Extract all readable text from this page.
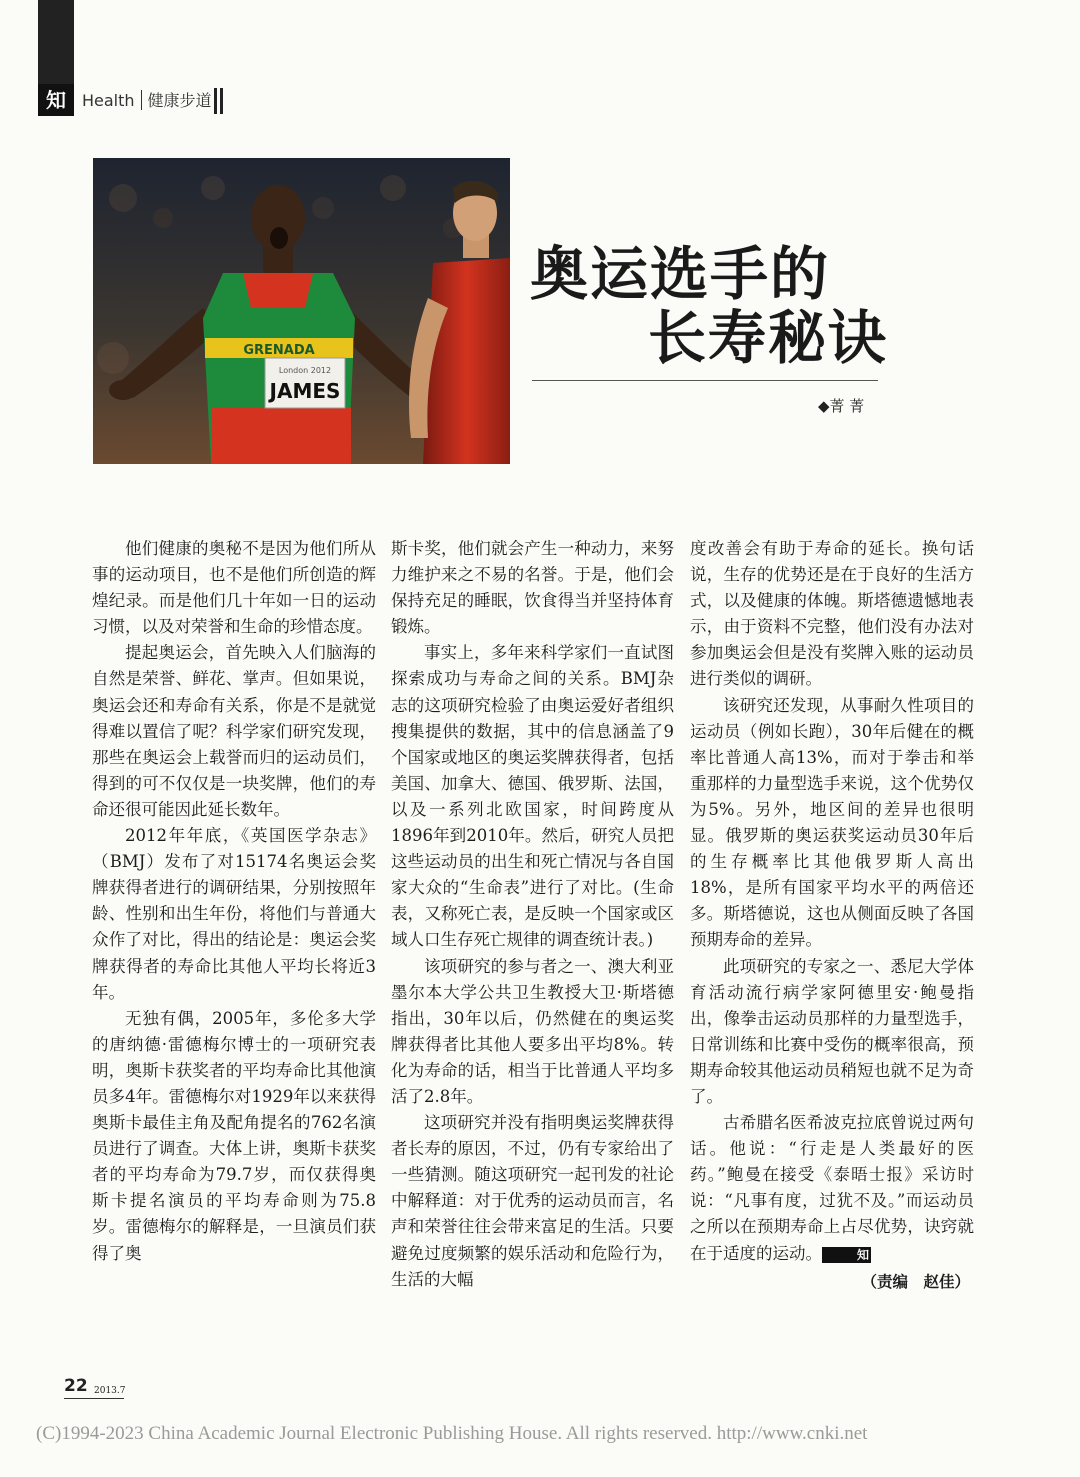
知	Health 健康步道
London 2012
JAMES
GRENADA
奥运选手的
长寿秘诀
◆菁 菁

他们健康的奥秘不是因为他们所从事的运动项目，也不是他们所创造的辉煌纪录。而是他们几十年如一日的运动习惯，以及对荣誉和生命的珍惜态度。

提起奥运会，首先映入人们脑海的自然是荣誉、鲜花、掌声。但如果说，奥运会还和寿命有关系，你是不是就觉得难以置信了呢？科学家们研究发现，那些在奥运会上载誉而归的运动员们，得到的可不仅仅是一块奖牌，他们的寿命还很可能因此延长数年。

2012年年底，《英国医学杂志》（BMJ）发布了对15174名奥运会奖牌获得者进行的调研结果，分别按照年龄、性别和出生年份，将他们与普通大众作了对比，得出的结论是：奥运会奖牌获得者的寿命比其他人平均长将近3年。

无独有偶，2005年，多伦多大学的唐纳德·雷德梅尔博士的一项研究表明，奥斯卡获奖者的平均寿命比其他演员多4年。雷德梅尔对1929年以来获得奥斯卡最佳主角及配角提名的762名演员进行了调查。大体上讲，奥斯卡获奖者的平均寿命为79.7岁，而仅获得奥斯卡提名演员的平均寿命则为75.8岁。雷德梅尔的解释是，一旦演员们获得了奥

斯卡奖，他们就会产生一种动力，来努力维护来之不易的名誉。于是，他们会保持充足的睡眠，饮食得当并坚持体育锻炼。

事实上，多年来科学家们一直试图探索成功与寿命之间的关系。BMJ杂志的这项研究检验了由奥运爱好者组织搜集提供的数据，其中的信息涵盖了9个国家或地区的奥运奖牌获得者，包括美国、加拿大、德国、俄罗斯、法国，以及一系列北欧国家，时间跨度从1896年到2010年。然后，研究人员把这些运动员的出生和死亡情况与各自国家大众的“生命表”进行了对比。(生命表，又称死亡表，是反映一个国家或区域人口生存死亡规律的调查统计表。)

该项研究的参与者之一、澳大利亚墨尔本大学公共卫生教授大卫·斯塔德指出，30年以后，仍然健在的奥运奖牌获得者比其他人要多出平均8%。转化为寿命的话，相当于比普通人平均多活了2.8年。

这项研究并没有指明奥运奖牌获得者长寿的原因，不过，仍有专家给出了一些猜测。随这项研究一起刊发的社论中解释道：对于优秀的运动员而言，名声和荣誉往往会带来富足的生活。只要避免过度频繁的娱乐活动和危险行为，生活的大幅

度改善会有助于寿命的延长。换句话说，生存的优势还是在于良好的生活方式，以及健康的体魄。斯塔德遗憾地表示，由于资料不完整，他们没有办法对参加奥运会但是没有奖牌入账的运动员进行类似的调研。

该研究还发现，从事耐久性项目的运动员（例如长跑），30年后健在的概率比普通人高13%，而对于拳击和举重那样的力量型选手来说，这个优势仅为5%。另外，地区间的差异也很明显。俄罗斯的奥运获奖运动员30年后的生存概率比其他俄罗斯人高出18%，是所有国家平均水平的两倍还多。斯塔德说，这也从侧面反映了各国预期寿命的差异。

此项研究的专家之一、悉尼大学体育活动流行病学家阿德里安·鲍曼指出，像拳击运动员那样的力量型选手，日常训练和比赛中受伤的概率很高，预期寿命较其他运动员稍短也就不足为奇了。

古希腊名医希波克拉底曾说过两句话。他说：“行走是人类最好的医药。”鲍曼在接受《泰晤士报》采访时说：“凡事有度，过犹不及。”而运动员之所以在预期寿命上占尽优势，诀窍就在于适度的运动。	知

（责编　赵佳）
22 2013.7
(C)1994-2023 China Academic Journal Electronic Publishing House. All rights reserved. http://www.cnki.net
